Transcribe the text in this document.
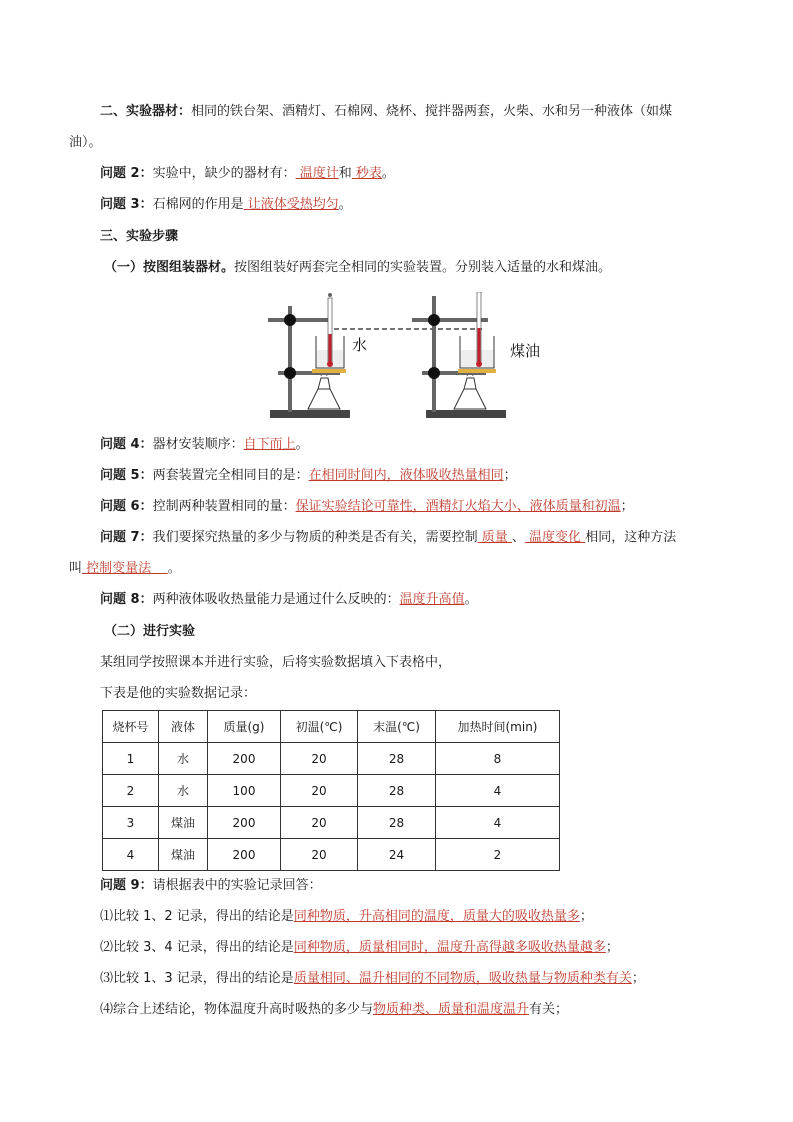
二、实验器材：相同的铁台架、酒精灯、石棉网、烧杯、搅拌器两套，火柴、水和另一种液体（如煤
油）。
问题 2：实验中，缺少的器材有： 温度计和 秒表。
问题 3：石棉网的作用是 让液体受热均匀。
三、实验步骤
（一）按图组装器材。按图组装好两套完全相同的实验装置。分别装入适量的水和煤油。
水	煤油
问题 4：器材安装顺序：自下而上。
问题 5：两套装置完全相同目的是：在相同时间内，液体吸收热量相同；
问题 6：控制两种装置相同的量：保证实验结论可靠性，酒精灯火焰大小、液体质量和初温；
问题 7：我们要探究热量的多少与物质的种类是否有关，需要控制 质量 、 温度变化 相同，这种方法
叫 控制变量法 。
问题 8：两种液体吸收热量能力是通过什么反映的：温度升高值。
（二）进行实验
某组同学按照课本并进行实验，后将实验数据填入下表格中，
下表是他的实验数据记录：
烧杯号	液体	质量(g)	初温(℃)	末温(℃)	加热时间(min)
1	水	200	20	28	8
2	水	100	20	28	4
3	煤油	200	20	28	4
4	煤油	200	20	24	2
问题 9：请根据表中的实验记录回答：
⑴比较 1、2 记录，得出的结论是同种物质，升高相同的温度，质量大的吸收热量多；
⑵比较 3、4 记录，得出的结论是同种物质，质量相同时，温度升高得越多吸收热量越多；
⑶比较 1、3 记录，得出的结论是质量相同、温升相同的不同物质，吸收热量与物质种类有关；
⑷综合上述结论，物体温度升高时吸热的多少与物质种类、质量和温度温升有关；
